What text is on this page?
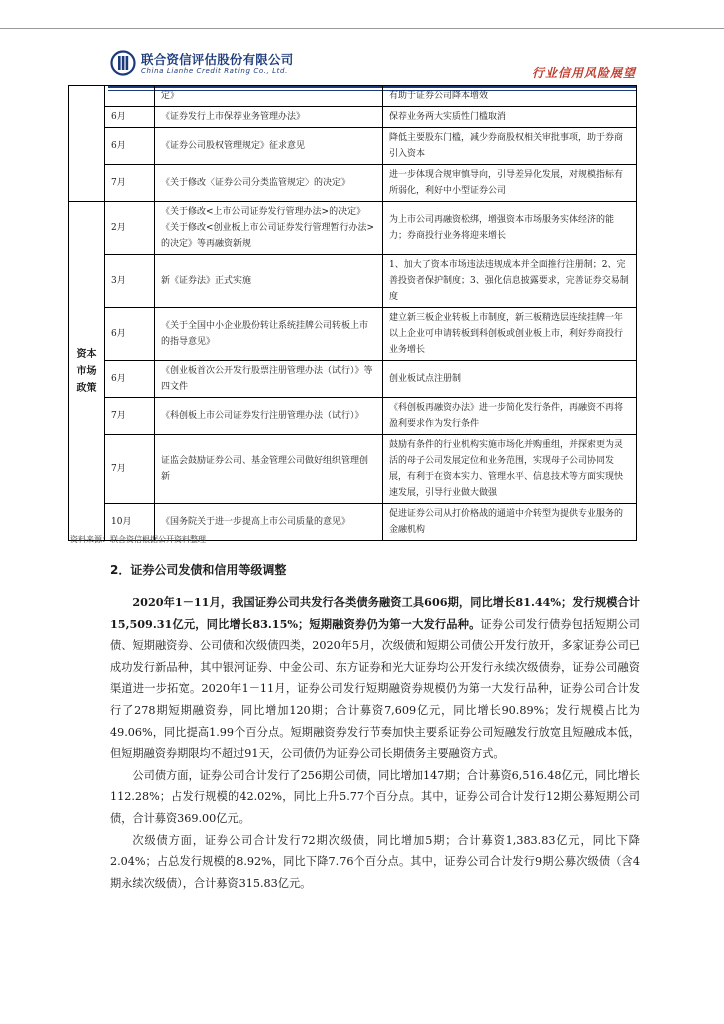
联合资信评估股份有限公司
China Lianhe Credit Rating Co., Ltd.	行业信用风险展望
		定》	有助于证券公司降本增效
	6月	《证券发行上市保荐业务管理办法》	保荐业务两大实质性门槛取消
	6月	《证券公司股权管理规定》征求意见	降低主要股东门槛，减少券商股权相关审批事项，助于券商引入资本
	7月	《关于修改〈证券公司分类监管规定〉的决定》	进一步体现合规审慎导向，引导差异化发展，对规模指标有所弱化，利好中小型证券公司
资本市场政策	2月	《关于修改<上市公司证券发行管理办法>的决定》《关于修改<创业板上市公司证券发行管理暂行办法>的决定》等再融资新规	为上市公司再融资松绑，增强资本市场服务实体经济的能力；券商投行业务将迎来增长
	3月	新《证券法》正式实施	1、加大了资本市场违法违规成本并全面推行注册制；2、完善投资者保护制度；3、强化信息披露要求，完善证券交易制度
	6月	《关于全国中小企业股份转让系统挂牌公司转板上市的指导意见》	建立新三板企业转板上市制度，新三板精选层连续挂牌一年以上企业可申请转板到科创板或创业板上市，利好券商投行业务增长
	6月	《创业板首次公开发行股票注册管理办法（试行）》等四文件	创业板试点注册制
	7月	《科创板上市公司证券发行注册管理办法（试行）》	《科创板再融资办法》进一步简化发行条件，再融资不再将盈利要求作为发行条件
	7月	证监会鼓励证券公司、基金管理公司做好组织管理创新	鼓励有条件的行业机构实施市场化并购重组，并探索更为灵活的母子公司发展定位和业务范围，实现母子公司协同发展，有利于在资本实力、管理水平、信息技术等方面实现快速发展，引导行业做大做强
	10月	《国务院关于进一步提高上市公司质量的意见》	促进证券公司从打价格战的通道中介转型为提供专业服务的金融机构
资料来源：联合资信根据公开资料整理
2．证券公司发债和信用等级调整

2020年1－11月，我国证券公司共发行各类债务融资工具606期，同比增长81.44%；发行规模合计15,509.31亿元，同比增长83.15%；短期融资券仍为第一大发行品种。证券公司发行债券包括短期公司债、短期融资券、公司债和次级债四类，2020年5月，次级债和短期公司债公开发行放开，多家证券公司已成功发行新品种，其中银河证券、中金公司、东方证券和光大证券均公开发行永续次级债券，证券公司融资渠道进一步拓宽。2020年1－11月，证券公司发行短期融资券规模仍为第一大发行品种，证券公司合计发行了278期短期融资券，同比增加120期；合计募资7,609亿元，同比增长90.89%；发行规模占比为49.06%，同比提高1.99个百分点。短期融资券发行节奏加快主要系证券公司短融发行放宽且短融成本低，但短期融资券期限均不超过91天，公司债仍为证券公司长期债务主要融资方式。

公司债方面，证券公司合计发行了256期公司债，同比增加147期；合计募资6,516.48亿元，同比增长112.28%；占发行规模的42.02%，同比上升5.77个百分点。其中，证券公司合计发行12期公募短期公司债，合计募资369.00亿元。

次级债方面，证券公司合计发行72期次级债，同比增加5期；合计募资1,383.83亿元，同比下降2.04%；占总发行规模的8.92%，同比下降7.76个百分点。其中，证券公司合计发行9期公募次级债（含4期永续次级债），合计募资315.83亿元。
